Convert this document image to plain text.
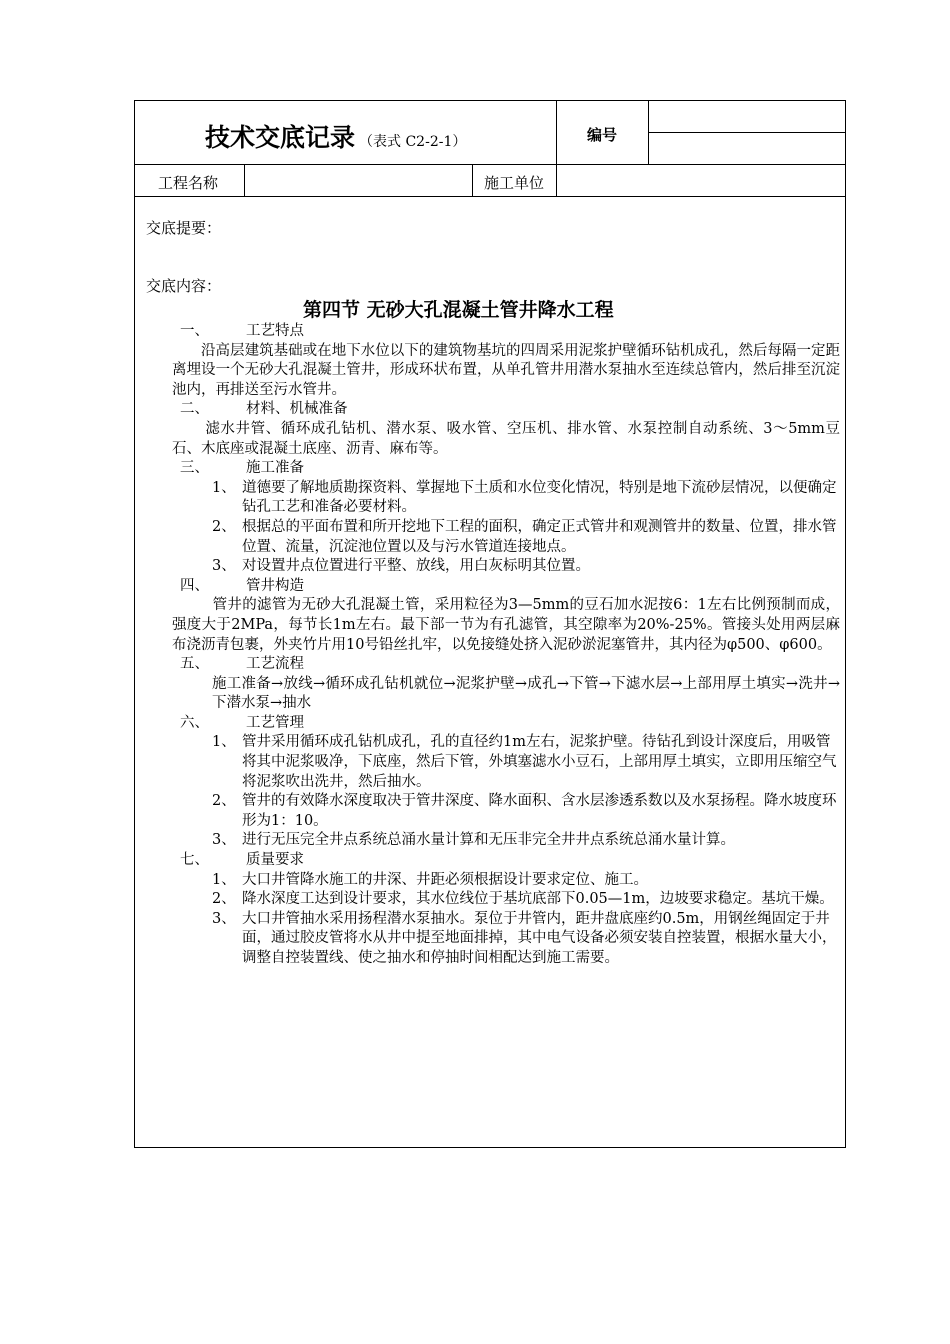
技术交底记录 （表式 C2-2-1）	编号
工程名称	施工单位
交底提要：
交底内容：
第四节 无砂大孔混凝土管井降水工程
一、	工艺特点
沿高层建筑基础或在地下水位以下的建筑物基坑的四周采用泥浆护壁循环钻机成孔，然后每隔一定距离埋设一个无砂大孔混凝土管井，形成环状布置，从单孔管井用潜水泵抽水至连续总管内，然后排至沉淀池内，再排送至污水管井。
二、	材料、机械准备
滤水井管、循环成孔钻机、潜水泵、吸水管、空压机、排水管、水泵控制自动系统、3～5mm豆石、木底座或混凝土底座、沥青、麻布等。
三、	施工准备
1、 道德要了解地质勘探资料、掌握地下土质和水位变化情况，特别是地下流砂层情况，以便确定钻孔工艺和准备必要材料。
2、 根据总的平面布置和所开挖地下工程的面积，确定正式管井和观测管井的数量、位置，排水管位置、流量，沉淀池位置以及与污水管道连接地点。
3、 对设置井点位置进行平整、放线，用白灰标明其位置。
四、	管井构造
管井的滤管为无砂大孔混凝土管，采用粒径为3—5mm的豆石加水泥按6：1左右比例预制而成，强度大于2MPa，每节长1m左右。最下部一节为有孔滤管，其空隙率为20%-25%。管接头处用两层麻布浇沥青包裹，外夹竹片用10号铅丝扎牢，以免接缝处挤入泥砂淤泥塞管井，其内径为φ500、φ600。
五、	工艺流程
施工准备→放线→循环成孔钻机就位→泥浆护壁→成孔→下管→下滤水层→上部用厚土填实→洗井→下潜水泵→抽水
六、	工艺管理
1、 管井采用循环成孔钻机成孔，孔的直径约1m左右，泥浆护壁。待钻孔到设计深度后，用吸管将其中泥浆吸净，下底座，然后下管，外填塞滤水小豆石，上部用厚土填实，立即用压缩空气将泥浆吹出洗井，然后抽水。
2、 管井的有效降水深度取决于管井深度、降水面积、含水层渗透系数以及水泵扬程。降水坡度环形为1：10。
3、 进行无压完全井点系统总涌水量计算和无压非完全井井点系统总涌水量计算。
七、	质量要求
1、 大口井管降水施工的井深、井距必须根据设计要求定位、施工。
2、 降水深度工达到设计要求，其水位线位于基坑底部下0.05—1m，边坡要求稳定。基坑干燥。
3、 大口井管抽水采用扬程潜水泵抽水。泵位于井管内，距井盘底座约0.5m，用钢丝绳固定于井面，通过胶皮管将水从井中提至地面排掉，其中电气设备必须安装自控装置，根据水量大小，调整自控装置线、使之抽水和停抽时间相配达到施工需要。
